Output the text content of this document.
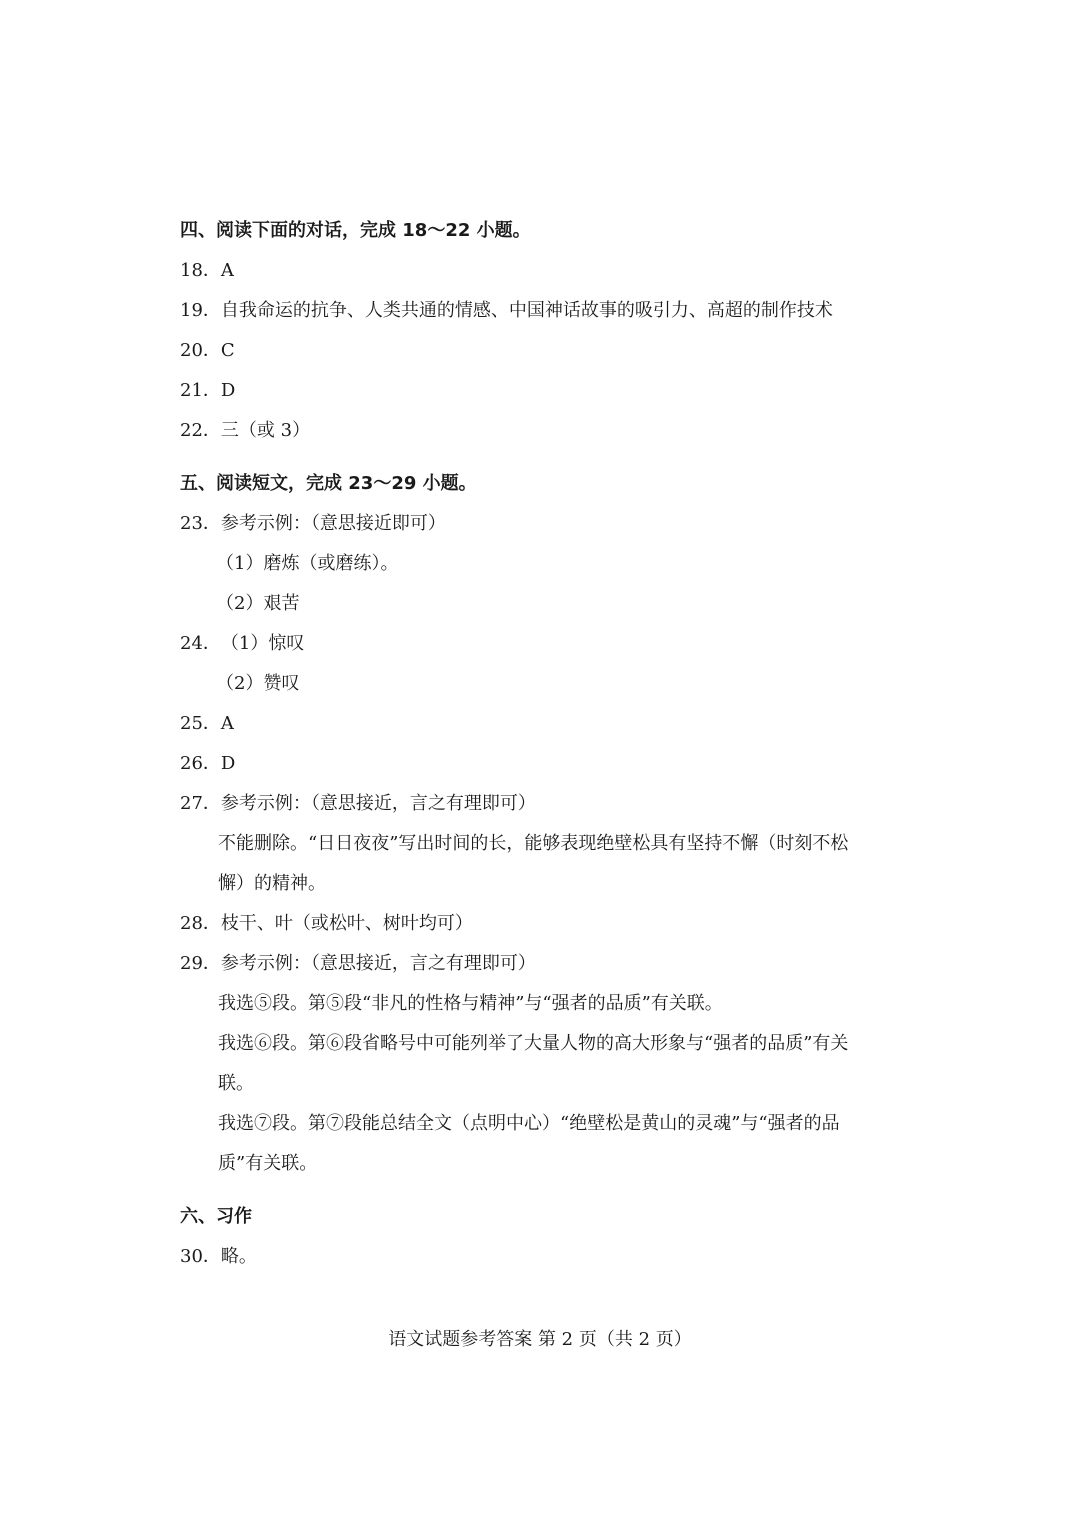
四、阅读下面的对话，完成 18～22 小题。
18．A
19．自我命运的抗争、人类共通的情感、中国神话故事的吸引力、高超的制作技术
20．C
21．D
22．三（或 3）
五、阅读短文，完成 23～29 小题。
23．参考示例：（意思接近即可）
（1）磨炼（或磨练）。
（2）艰苦
24．（1）惊叹
（2）赞叹
25．A
26．D
27．参考示例：（意思接近，言之有理即可）
不能删除。“日日夜夜”写出时间的长，能够表现绝壁松具有坚持不懈（时刻不松
懈）的精神。
28．枝干、叶（或松叶、树叶均可）
29．参考示例：（意思接近，言之有理即可）
我选⑤段。第⑤段“非凡的性格与精神”与“强者的品质”有关联。
我选⑥段。第⑥段省略号中可能列举了大量人物的高大形象与“强者的品质”有关
联。
我选⑦段。第⑦段能总结全文（点明中心）“绝壁松是黄山的灵魂”与“强者的品
质”有关联。
六、习作
30．略。
语文试题参考答案 第 2 页（共 2 页）
